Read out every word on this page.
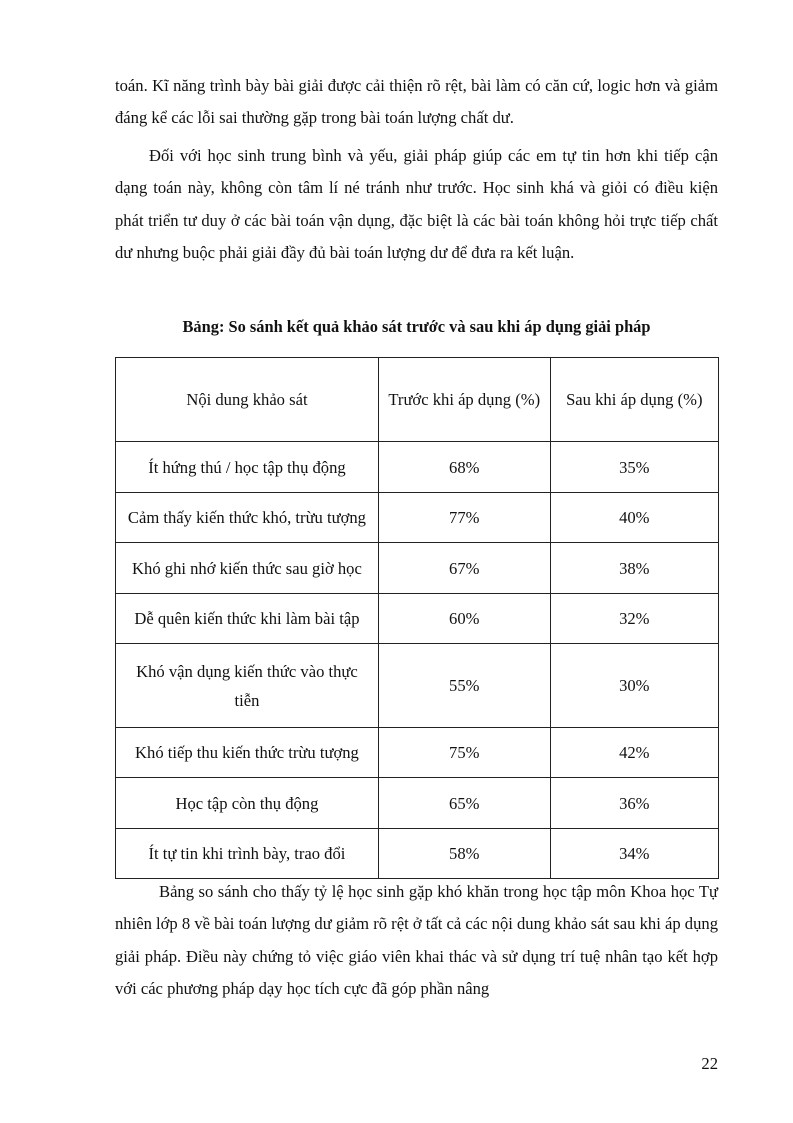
toán. Kĩ năng trình bày bài giải được cải thiện rõ rệt, bài làm có căn cứ, logic hơn và giảm đáng kể các lỗi sai thường gặp trong bài toán lượng chất dư.

Đối với học sinh trung bình và yếu, giải pháp giúp các em tự tin hơn khi tiếp cận dạng toán này, không còn tâm lí né tránh như trước. Học sinh khá và giỏi có điều kiện phát triển tư duy ở các bài toán vận dụng, đặc biệt là các bài toán không hỏi trực tiếp chất dư nhưng buộc phải giải đầy đủ bài toán lượng dư để đưa ra kết luận.

Bảng: So sánh kết quả khảo sát trước và sau khi áp dụng giải pháp

Nội dung khảo sát	Trước khi áp dụng (%)	Sau khi áp dụng (%)
Ít hứng thú / học tập thụ động	68%	35%
Cảm thấy kiến thức khó, trừu tượng	77%	40%
Khó ghi nhớ kiến thức sau giờ học	67%	38%
Dễ quên kiến thức khi làm bài tập	60%	32%
Khó vận dụng kiến thức vào thực tiễn	55%	30%
Khó tiếp thu kiến thức trừu tượng	75%	42%
Học tập còn thụ động	65%	36%
Ít tự tin khi trình bày, trao đổi	58%	34%

Bảng so sánh cho thấy tỷ lệ học sinh gặp khó khăn trong học tập môn Khoa học Tự nhiên lớp 8 về bài toán lượng dư giảm rõ rệt ở tất cả các nội dung khảo sát sau khi áp dụng giải pháp. Điều này chứng tỏ việc giáo viên khai thác và sử dụng trí tuệ nhân tạo kết hợp với các phương pháp dạy học tích cực đã góp phần nâng

22
